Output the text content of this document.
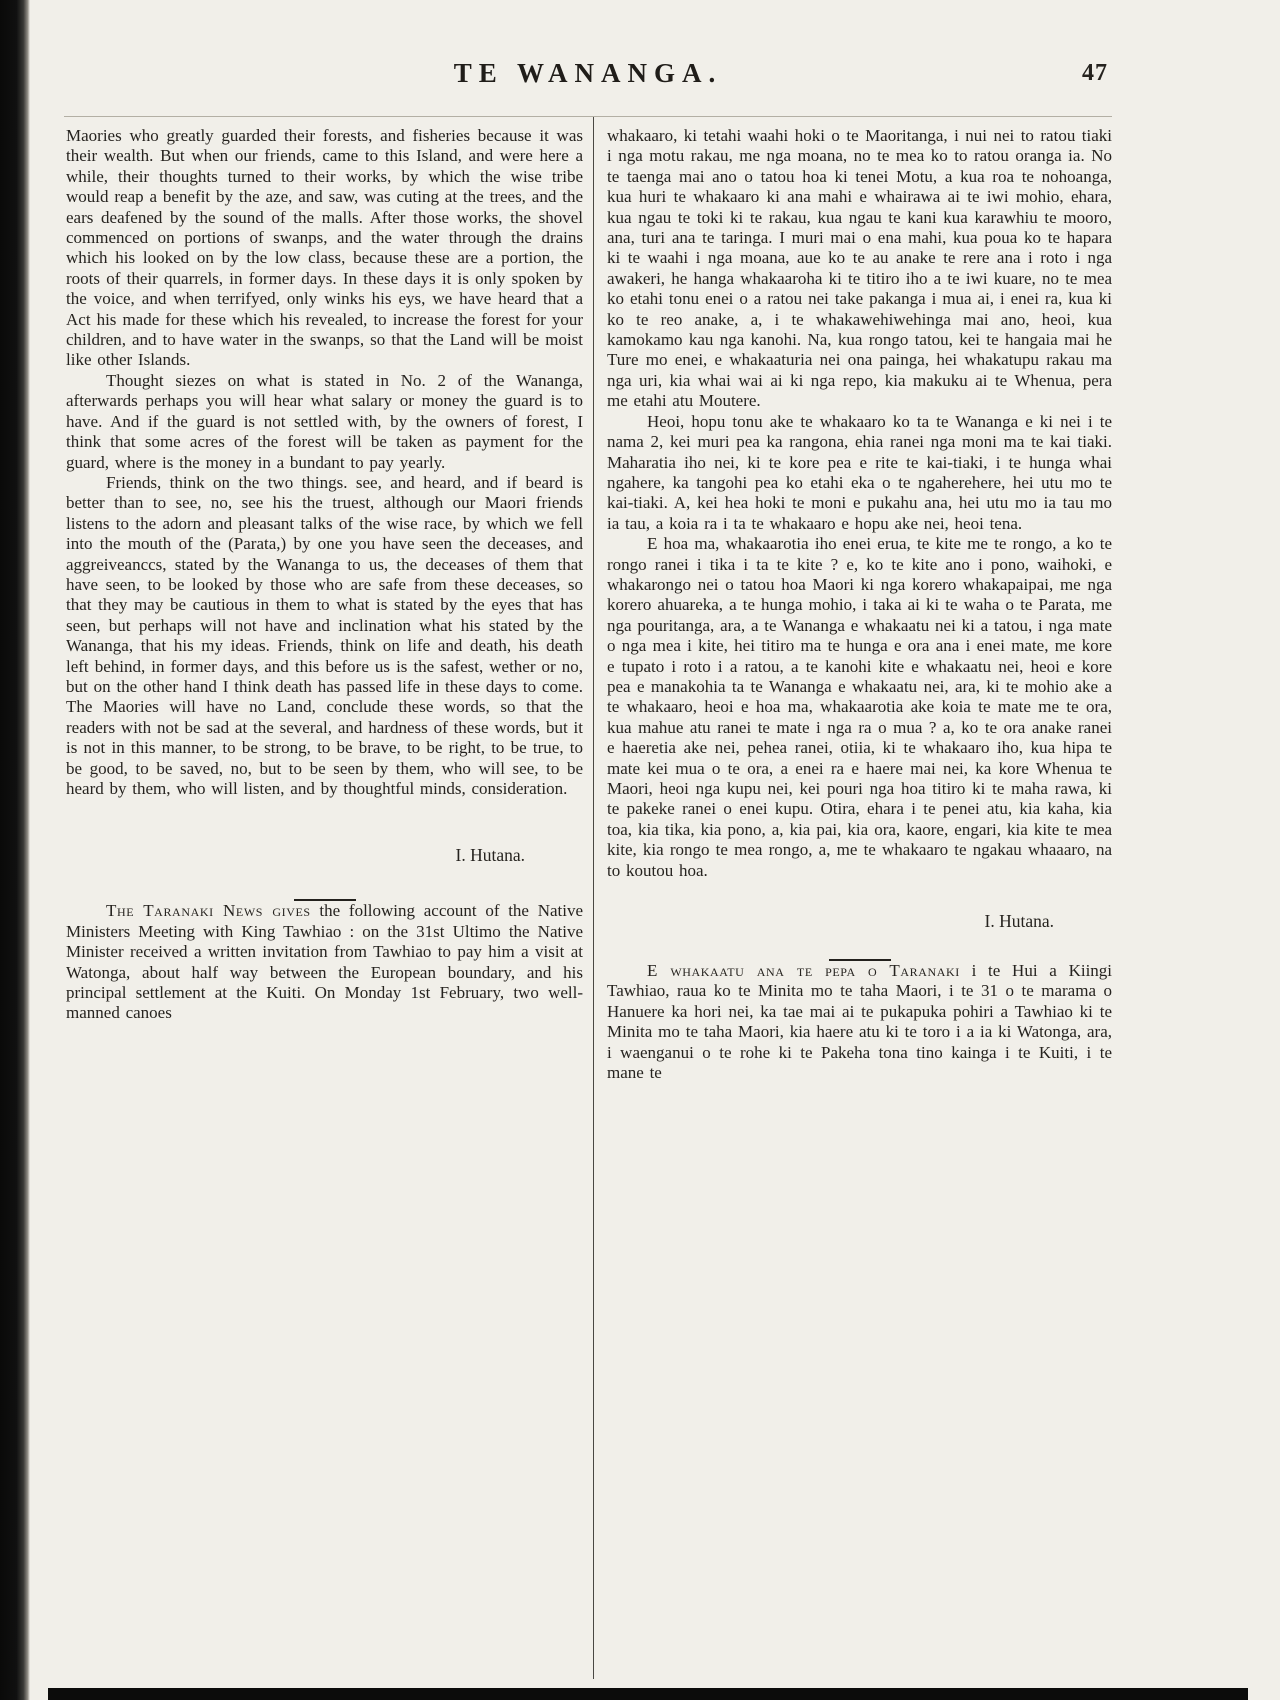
TE WANANGA.	47

Maories who greatly guarded their forests, and fisheries because it was their wealth. But when our friends, came to this Island, and were here a while, their thoughts turned to their works, by which the wise tribe would reap a benefit by the aze, and saw, was cuting at the trees, and the ears deafened by the sound of the malls. After those works, the shovel commenced on portions of swanps, and the water through the drains which his looked on by the low class, because these are a portion, the roots of their quarrels, in former days. In these days it is only spoken by the voice, and when terrifyed, only winks his eys, we have heard that a Act his made for these which his revealed, to increase the forest for your children, and to have water in the swanps, so that the Land will be moist like other Islands.

Thought siezes on what is stated in No. 2 of the Wananga, afterwards perhaps you will hear what salary or money the guard is to have. And if the guard is not settled with, by the owners of forest, I think that some acres of the forest will be taken as payment for the guard, where is the money in a bundant to pay yearly.

Friends, think on the two things. see, and heard, and if beard is better than to see, no, see his the truest, although our Maori friends listens to the adorn and pleasant talks of the wise race, by which we fell into the mouth of the (Parata,) by one you have seen the deceases, and aggreiveanccs, stated by the Wananga to us, the deceases of them that have seen, to be looked by those who are safe from these deceases, so that they may be cautious in them to what is stated by the eyes that has seen, but perhaps will not have and inclination what his stated by the Wananga, that his my ideas. Friends, think on life and death, his death left behind, in former days, and this before us is the safest, wether or no, but on the other hand I think death has passed life in these days to come. The Maories will have no Land, conclude these words, so that the readers with not be sad at the several, and hardness of these words, but it is not in this manner, to be strong, to be brave, to be right, to be true, to be good, to be saved, no, but to be seen by them, who will see, to be heard by them, who will listen, and by thoughtful minds, consideration.

I. Hutana.

The Taranaki News gives the following account of the Native Ministers Meeting with King Tawhiao : on the 31st Ultimo the Native Minister received a written invitation from Tawhiao to pay him a visit at Watonga, about half way between the European boundary, and his principal settlement at the Kuiti. On Monday 1st February, two well-manned canoes

whakaaro, ki tetahi waahi hoki o te Maoritanga, i nui nei to ratou tiaki i nga motu rakau, me nga moana, no te mea ko to ratou oranga ia. No te taenga mai ano o tatou hoa ki tenei Motu, a kua roa te nohoanga, kua huri te whakaaro ki ana mahi e whairawa ai te iwi mohio, ehara, kua ngau te toki ki te rakau, kua ngau te kani kua karawhiu te mooro, ana, turi ana te taringa. I muri mai o ena mahi, kua poua ko te hapara ki te waahi i nga moana, aue ko te au anake te rere ana i roto i nga awakeri, he hanga whakaaroha ki te titiro iho a te iwi kuare, no te mea ko etahi tonu enei o a ratou nei take pakanga i mua ai, i enei ra, kua ki ko te reo anake, a, i te whakawehiwehinga mai ano, heoi, kua kamokamo kau nga kanohi. Na, kua rongo tatou, kei te hangaia mai he Ture mo enei, e whakaaturia nei ona painga, hei whakatupu rakau ma nga uri, kia whai wai ai ki nga repo, kia makuku ai te Whenua, pera me etahi atu Moutere.

Heoi, hopu tonu ake te whakaaro ko ta te Wananga e ki nei i te nama 2, kei muri pea ka rangona, ehia ranei nga moni ma te kai tiaki. Maharatia iho nei, ki te kore pea e rite te kai-tiaki, i te hunga whai ngahere, ka tangohi pea ko etahi eka o te ngaherehere, hei utu mo te kai-tiaki. A, kei hea hoki te moni e pukahu ana, hei utu mo ia tau mo ia tau, a koia ra i ta te whakaaro e hopu ake nei, heoi tena.

E hoa ma, whakaarotia iho enei erua, te kite me te rongo, a ko te rongo ranei i tika i ta te kite ? e, ko te kite ano i pono, waihoki, e whakarongo nei o tatou hoa Maori ki nga korero whakapaipai, me nga korero ahuareka, a te hunga mohio, i taka ai ki te waha o te Parata, me nga pouritanga, ara, a te Wananga e whakaatu nei ki a tatou, i nga mate o nga mea i kite, hei titiro ma te hunga e ora ana i enei mate, me kore e tupato i roto i a ratou, a te kanohi kite e whakaatu nei, heoi e kore pea e manakohia ta te Wananga e whakaatu nei, ara, ki te mohio ake a te whakaaro, heoi e hoa ma, whakaarotia ake koia te mate me te ora, kua mahue atu ranei te mate i nga ra o mua ? a, ko te ora anake ranei e haeretia ake nei, pehea ranei, otiia, ki te whakaaro iho, kua hipa te mate kei mua o te ora, a enei ra e haere mai nei, ka kore Whenua te Maori, heoi nga kupu nei, kei pouri nga hoa titiro ki te maha rawa, ki te pakeke ranei o enei kupu. Otira, ehara i te penei atu, kia kaha, kia toa, kia tika, kia pono, a, kia pai, kia ora, kaore, engari, kia kite te mea kite, kia rongo te mea rongo, a, me te whakaaro te ngakau whaaaro, na to koutou hoa.

I. Hutana.

E whakaatu ana te pepa o Taranaki i te Hui a Kiingi Tawhiao, raua ko te Minita mo te taha Maori, i te 31 o te marama o Hanuere ka hori nei, ka tae mai ai te pukapuka pohiri a Tawhiao ki te Minita mo te taha Maori, kia haere atu ki te toro i a ia ki Watonga, ara, i waenganui o te rohe ki te Pakeha tona tino kainga i te Kuiti, i te mane te
